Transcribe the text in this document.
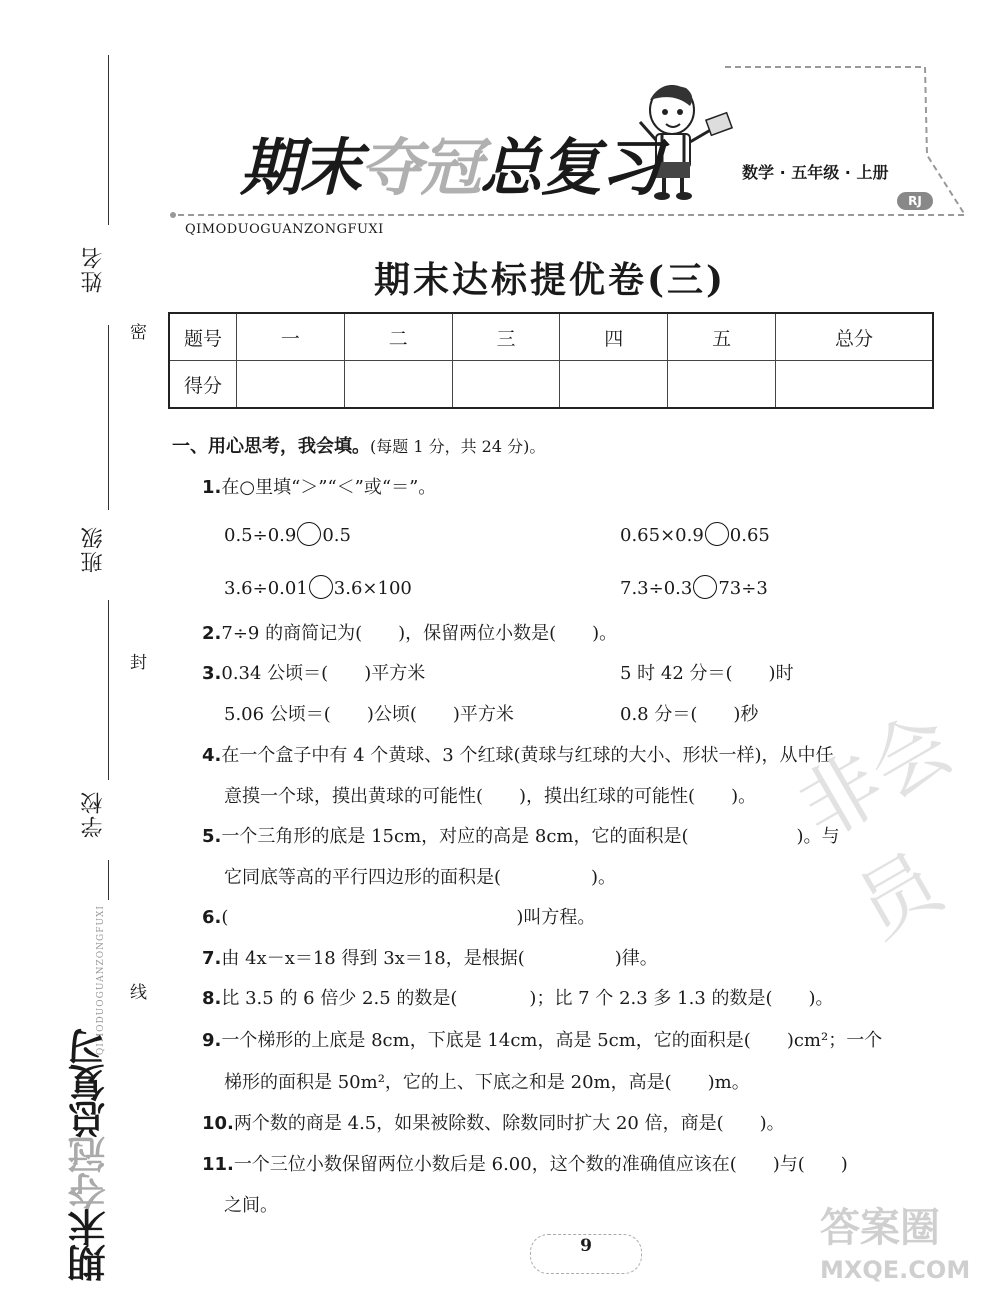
姓名
班级
学校
密
封
线
QIMODUOGUANZONGFUXI
期末夺冠总复习
期末夺冠总复习
QIMODUOGUANZONGFUXI
数学 · 五年级 · 上册
RJ
期末达标提优卷(三)
题号	一	二	三	四	五	总分
得分						
一、用心思考，我会填。(每题 1 分，共 24 分)。
1.在○里填“＞”“＜”或“＝”。
0.5÷0.9 0.5	0.65×0.9 0.65
3.6÷0.01 3.6×100	7.3÷0.3 73÷3
2.7÷9 的商简记为(　　)，保留两位小数是(　　)。
3.0.34 公顷＝(　　)平方米	5 时 42 分＝(　　)时
5.06 公顷＝(　　)公顷(　　)平方米	0.8 分＝(　　)秒
4.在一个盒子中有 4 个黄球、3 个红球(黄球与红球的大小、形状一样)，从中任
意摸一个球，摸出黄球的可能性(　　)，摸出红球的可能性(　　)。
5.一个三角形的底是 15cm，对应的高是 8cm，它的面积是(　　　　　　)。与
它同底等高的平行四边形的面积是(　　　　　)。
6.(　　　　　　　　　　　　　　　　)叫方程。
7.由 4x－x＝18 得到 3x＝18，是根据(　　　　　)律。
8.比 3.5 的 6 倍少 2.5 的数是(　　　　)；比 7 个 2.3 多 1.3 的数是(　　)。
9.一个梯形的上底是 8cm，下底是 14cm，高是 5cm，它的面积是(　　)cm²；一个
梯形的面积是 50m²，它的上、下底之和是 20m，高是(　　)m。
10.两个数的商是 4.5，如果被除数、除数同时扩大 20 倍，商是(　　)。
11.一个三位小数保留两位小数后是 6.00，这个数的准确值应该在(　　)与(　　)
之间。
9
非会员
答案圈
MXQE.COM
